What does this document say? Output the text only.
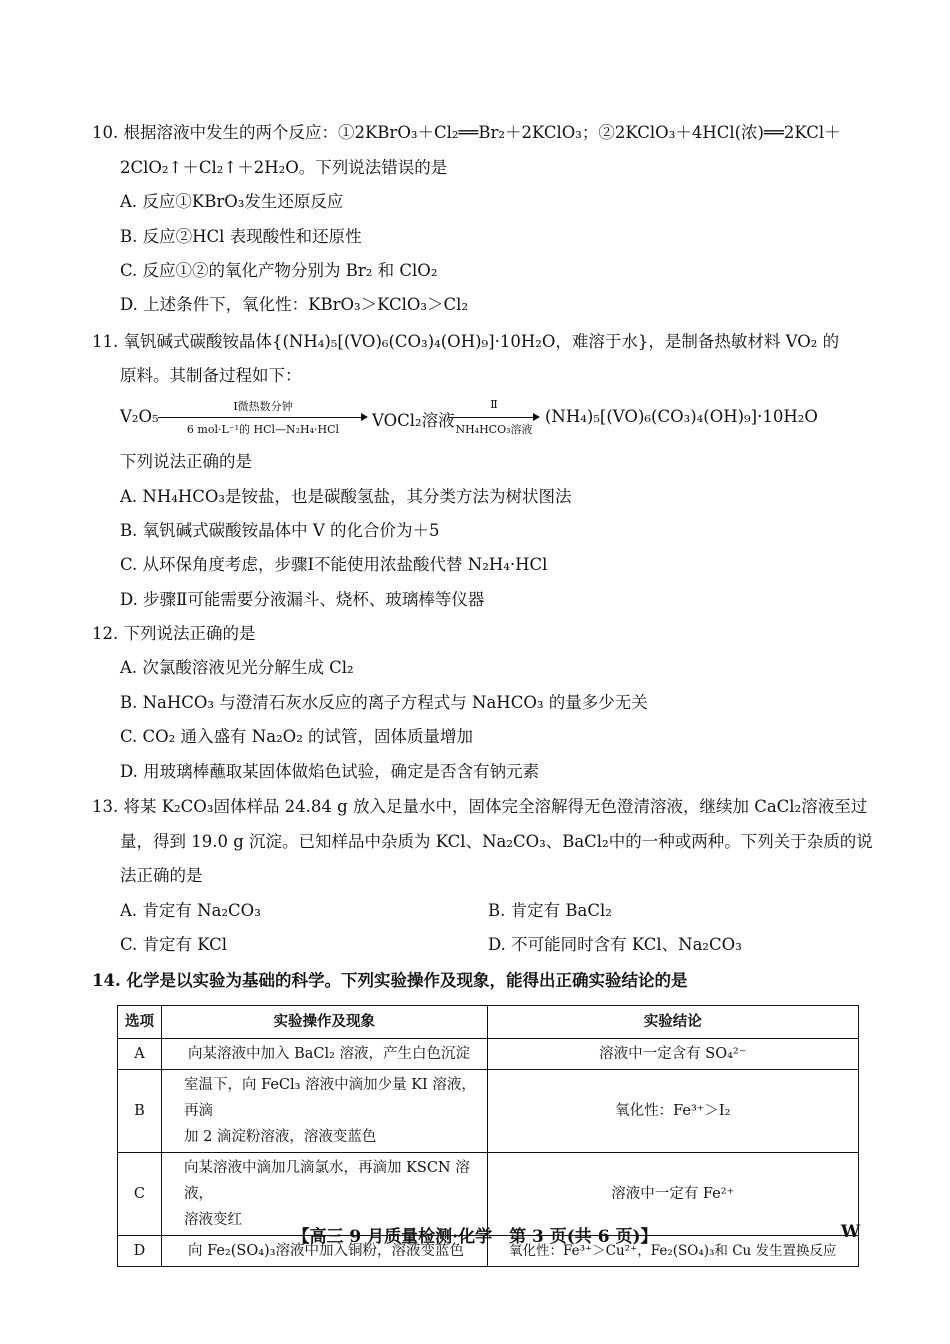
10. 根据溶液中发生的两个反应：①2KBrO₃＋Cl₂══Br₂＋2KClO₃；②2KClO₃＋4HCl(浓)══2KCl＋
2ClO₂↑＋Cl₂↑＋2H₂O。下列说法错误的是
A. 反应①KBrO₃发生还原反应
B. 反应②HCl 表现酸性和还原性
C. 反应①②的氧化产物分别为 Br₂ 和 ClO₂
D. 上述条件下，氧化性：KBrO₃＞KClO₃＞Cl₂
11. 氧钒碱式碳酸铵晶体{(NH₄)₅[(VO)₆(CO₃)₄(OH)₉]·10H₂O，难溶于水}，是制备热敏材料 VO₂ 的
原料。其制备过程如下：
V₂O₅
Ⅰ微热数分钟
6 mol·L⁻¹的 HCl—N₂H₄·HCl	VOCl₂溶液
Ⅱ
NH₄HCO₃溶液
(NH₄)₅[(VO)₆(CO₃)₄(OH)₉]·10H₂O
下列说法正确的是
A. NH₄HCO₃是铵盐，也是碳酸氢盐，其分类方法为树状图法
B. 氧钒碱式碳酸铵晶体中 V 的化合价为＋5
C. 从环保角度考虑，步骤Ⅰ不能使用浓盐酸代替 N₂H₄·HCl
D. 步骤Ⅱ可能需要分液漏斗、烧杯、玻璃棒等仪器
12. 下列说法正确的是
A. 次氯酸溶液见光分解生成 Cl₂
B. NaHCO₃ 与澄清石灰水反应的离子方程式与 NaHCO₃ 的量多少无关
C. CO₂ 通入盛有 Na₂O₂ 的试管，固体质量增加
D. 用玻璃棒蘸取某固体做焰色试验，确定是否含有钠元素
13. 将某 K₂CO₃固体样品 24.84 g 放入足量水中，固体完全溶解得无色澄清溶液，继续加 CaCl₂溶液至过
量，得到 19.0 g 沉淀。已知样品中杂质为 KCl、Na₂CO₃、BaCl₂中的一种或两种。下列关于杂质的说
法正确的是
A. 肯定有 Na₂CO₃	B. 肯定有 BaCl₂
C. 肯定有 KCl	D. 不可能同时含有 KCl、Na₂CO₃
14. 化学是以实验为基础的科学。下列实验操作及现象，能得出正确实验结论的是
选项	实验操作及现象	实验结论
A	向某溶液中加入 BaCl₂ 溶液，产生白色沉淀	溶液中一定含有 SO₄²⁻
B	室温下，向 FeCl₃ 溶液中滴加少量 KI 溶液，再滴
加 2 滴淀粉溶液，溶液变蓝色	氧化性：Fe³⁺＞I₂
C	向某溶液中滴加几滴氯水，再滴加 KSCN 溶液，
溶液变红	溶液中一定有 Fe²⁺
D	向 Fe₂(SO₄)₃溶液中加入铜粉，溶液变蓝色	氧化性：Fe³⁺＞Cu²⁺，Fe₂(SO₄)₃和 Cu 发生置换反应
【高三 9 月质量检测·化学　第 3 页(共 6 页)】	W
